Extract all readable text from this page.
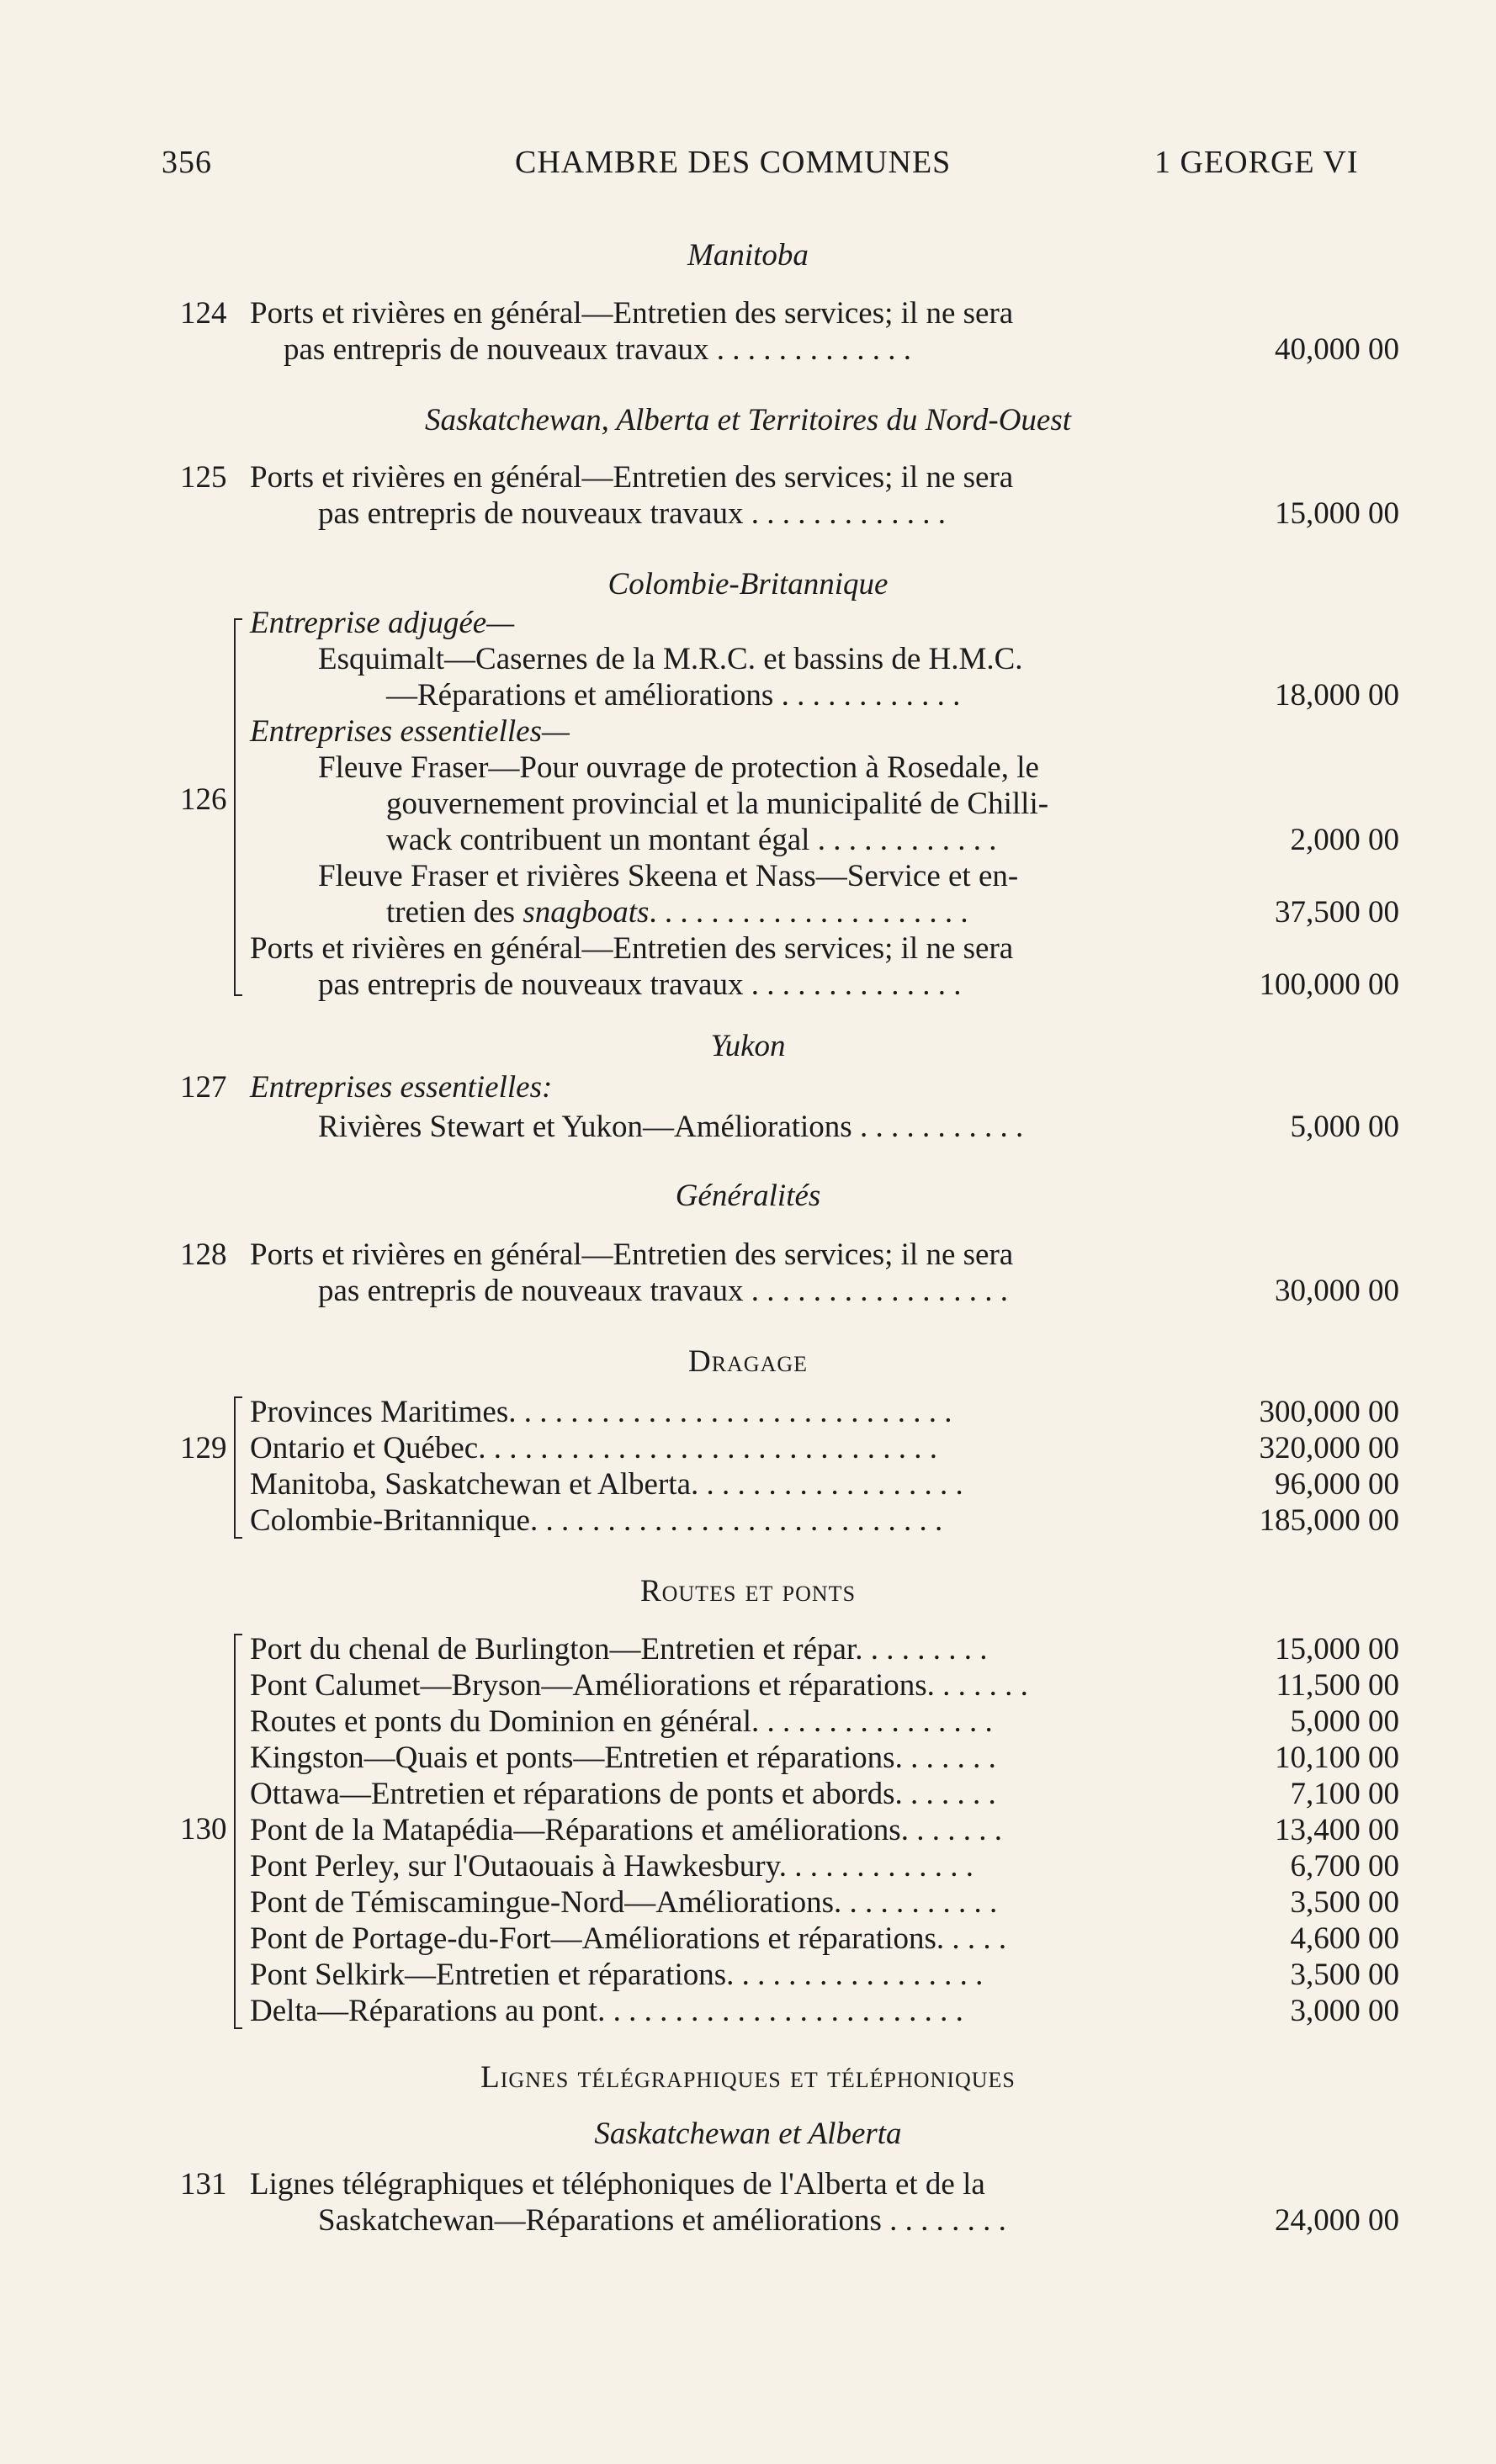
356	CHAMBRE DES COMMUNES	1 GEORGE VI
Manitoba
124 Ports et rivières en général—Entretien des services; il ne sera
pas entrepris de nouveaux travaux . . . . . . . . . . . . .	40,000 00
Saskatchewan, Alberta et Territoires du Nord-Ouest
125 Ports et rivières en général—Entretien des services; il ne sera
pas entrepris de nouveaux travaux . . . . . . . . . . . . .	15,000 00
Colombie-Britannique
126
Entreprise adjugée—
Esquimalt—Casernes de la M.R.C. et bassins de H.M.C.
—Réparations et améliorations . . . . . . . . . . . .	18,000 00
Entreprises essentielles—
Fleuve Fraser—Pour ouvrage de protection à Rosedale, le
gouvernement provincial et la municipalité de Chilli-
wack contribuent un montant égal . . . . . . . . . . . .	2,000 00
Fleuve Fraser et rivières Skeena et Nass—Service et en-
tretien des snagboats. . . . . . . . . . . . . . . . . . . . .	37,500 00
Ports et rivières en général—Entretien des services; il ne sera
pas entrepris de nouveaux travaux . . . . . . . . . . . . . .	100,000 00
Yukon
127 Entreprises essentielles:
Rivières Stewart et Yukon—Améliorations . . . . . . . . . . .	5,000 00
Généralités
128 Ports et rivières en général—Entretien des services; il ne sera
pas entrepris de nouveaux travaux . . . . . . . . . . . . . . . . .	30,000 00
Dragage
129
Provinces Maritimes. . . . . . . . . . . . . . . . . . . . . . . . . . . . .	300,000 00
Ontario et Québec. . . . . . . . . . . . . . . . . . . . . . . . . . . . . .	320,000 00
Manitoba, Saskatchewan et Alberta. . . . . . . . . . . . . . . . . .	96,000 00
Colombie-Britannique. . . . . . . . . . . . . . . . . . . . . . . . . . .	185,000 00
Routes et ponts
130
Port du chenal de Burlington—Entretien et répar. . . . . . . . .	15,000 00
Pont Calumet—Bryson—Améliorations et réparations. . . . . . .	11,500 00
Routes et ponts du Dominion en général. . . . . . . . . . . . . . . .	5,000 00
Kingston—Quais et ponts—Entretien et réparations. . . . . . .	10,100 00
Ottawa—Entretien et réparations de ponts et abords. . . . . . .	7,100 00
Pont de la Matapédia—Réparations et améliorations. . . . . . .	13,400 00
Pont Perley, sur l'Outaouais à Hawkesbury. . . . . . . . . . . . .	6,700 00
Pont de Témiscamingue-Nord—Améliorations. . . . . . . . . . .	3,500 00
Pont de Portage-du-Fort—Améliorations et réparations. . . . .	4,600 00
Pont Selkirk—Entretien et réparations. . . . . . . . . . . . . . . . .	3,500 00
Delta—Réparations au pont. . . . . . . . . . . . . . . . . . . . . . . .	3,000 00
Lignes télégraphiques et téléphoniques
Saskatchewan et Alberta
131 Lignes télégraphiques et téléphoniques de l'Alberta et de la
Saskatchewan—Réparations et améliorations . . . . . . . .	24,000 00
